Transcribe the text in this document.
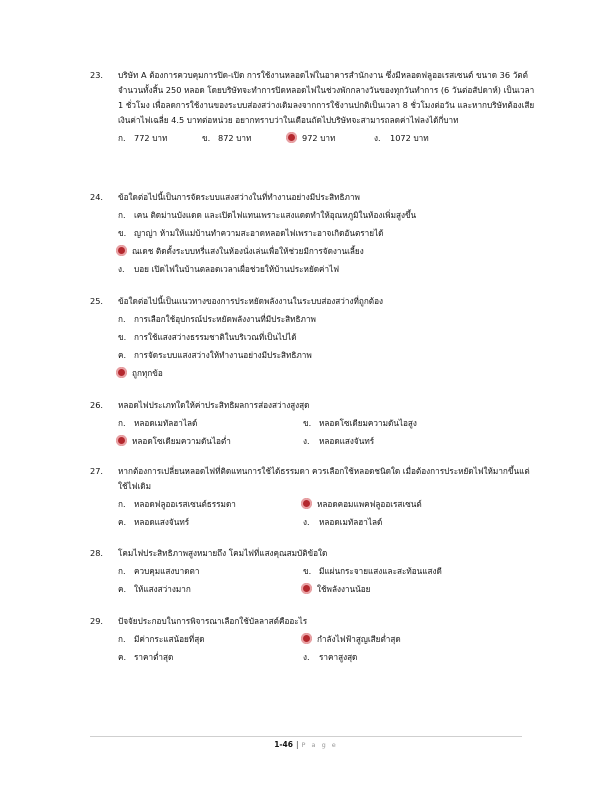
23.	บริษัท A ต้องการควบคุมการปิด-เปิด การใช้งานหลอดไฟในอาคารสำนักงาน ซึ่งมีหลอดฟลูออเรสเซนต์ ขนาด 36 วัตต์ จำนวนทั้งสิ้น 250 หลอด โดยบริษัทจะทำการปิดหลอดไฟในช่วงพักกลางวันของทุกวันทำการ (6 วันต่อสัปดาห์) เป็นเวลา 1 ชั่วโมง เพื่อลดการใช้งานของระบบส่องสว่างเดิมลงจากการใช้งานปกติเป็นเวลา 8 ชั่วโมงต่อวัน และหากบริษัทต้องเสียเงินค่าไฟเฉลี่ย 4.5 บาทต่อหน่วย อยากทราบว่าในเดือนถัดไปบริษัทจะสามารถลดค่าไฟลงได้กี่บาท
ก. 772 บาท	ข. 872 บาท	972 บาท	ง. 1072 บาท
24.	ข้อใดต่อไปนี้เป็นการจัดระบบแสงสว่างในที่ทำงานอย่างมีประสิทธิภาพ
ก. เคน ติดม่านบังแดด และเปิดไฟแทนเพราะแสงแดดทำให้อุณหภูมิในห้องเพิ่มสูงขึ้น
ข. ญาญ่า ห้ามให้แม่บ้านทำความสะอาดหลอดไฟเพราะอาจเกิดอันตรายได้
ณเดช ติดตั้งระบบหรี่แสงในห้องนั่งเล่นเพื่อให้ช่วยมีการจัดงานเลี้ยง
ง. บอย เปิดไฟในบ้านตลอดเวลาเผื่อช่วยให้บ้านประหยัดค่าไฟ
25.	ข้อใดต่อไปนี้เป็นแนวทางของการประหยัดพลังงานในระบบส่องสว่างที่ถูกต้อง
ก. การเลือกใช้อุปกรณ์ประหยัดพลังงานที่มีประสิทธิภาพ
ข. การใช้แสงสว่างธรรมชาติในบริเวณที่เป็นไปได้
ค. การจัดระบบแสงสว่างให้ทำงานอย่างมีประสิทธิภาพ
ถูกทุกข้อ
26.	หลอดไฟประเภทใดให้ค่าประสิทธิผลการส่องสว่างสูงสุด
ก. หลอดเมทัลฮาไลด์	ข. หลอดโซเดียมความดันไอสูง
หลอดโซเดียมความดันไอต่ำ	ง. หลอดแสงจันทร์
27.	หากต้องการเปลี่ยนหลอดไฟที่ติดแทนการใช้ได้ธรรมดา ควรเลือกใช้หลอดชนิดใด เมื่อต้องการประหยัดไฟให้มากขึ้นแต่ใช้ไฟเดิม
ก. หลอดฟลูออเรสเซนต์ธรรมดา	หลอดคอมแพคฟลูออเรสเซนต์
ค. หลอดแสงจันทร์	ง. หลอดเมทัลฮาไลด์
28.	โคมไฟประสิทธิภาพสูงหมายถึง โคมไฟที่แสงคุณสมบัติข้อใด
ก. ควบคุมแสงบาดตา	ข. มีแผ่นกระจายแสงและสะท้อนแสงดี
ค. ให้แสงสว่างมาก	ใช้พลังงานน้อย
29.	ปัจจัยประกอบในการพิจารณาเลือกใช้บัลลาสต์คืออะไร
ก. มีค่ากระแสน้อยที่สุด	กำลังไฟฟ้าสูญเสียต่ำสุด
ค. ราคาต่ำสุด	ง. ราคาสูงสุด
1-46 | P a g e
